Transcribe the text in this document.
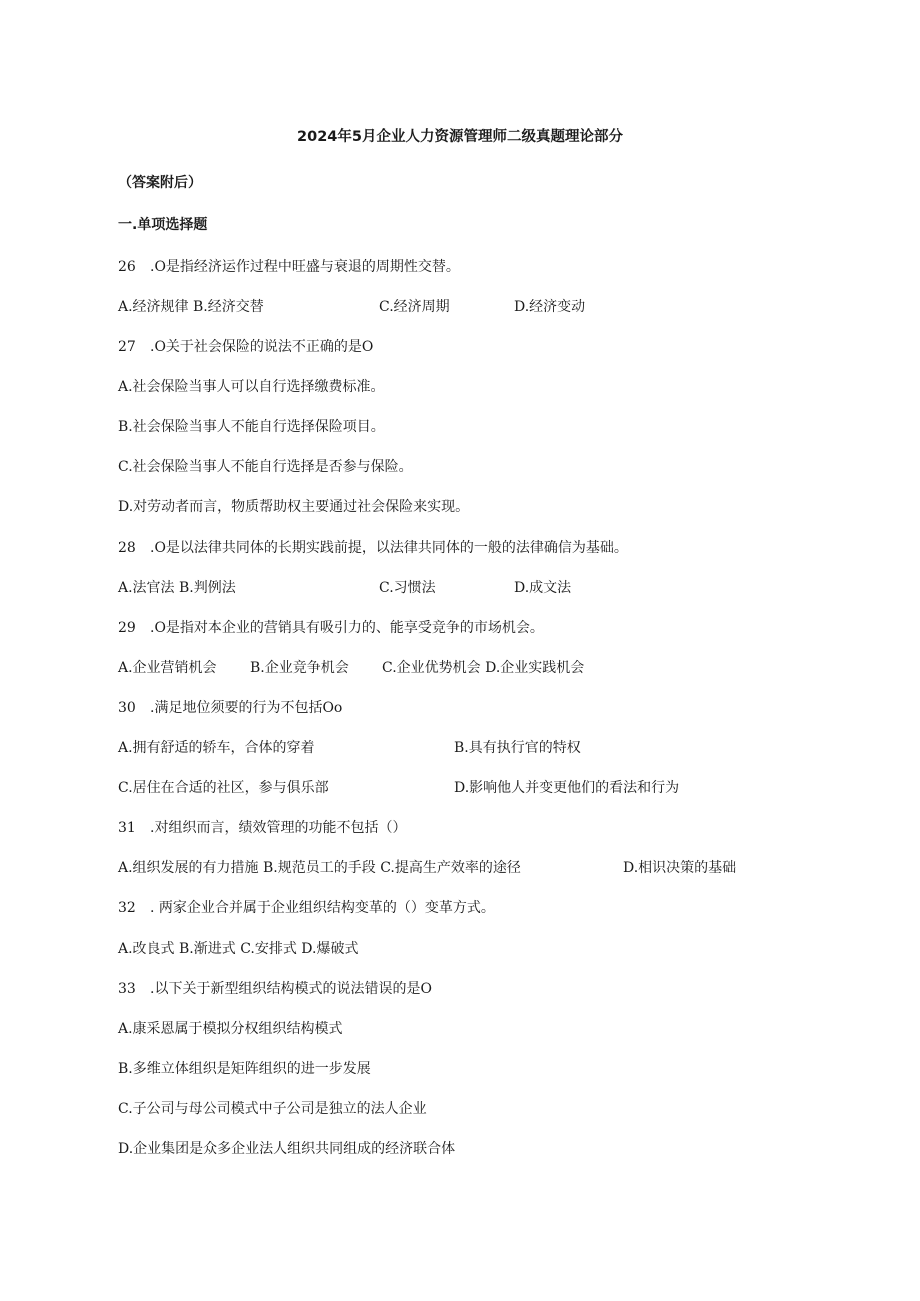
2024年5月企业人力资源管理师二级真题理论部分
（答案附后）
一.单项选择题
26 .O是指经济运作过程中旺盛与衰退的周期性交替。
A.经济规律 B.经济交替	C.经济周期	D.经济变动
27 .O关于社会保险的说法不正确的是O
A.社会保险当事人可以自行选择缴费标准。
B.社会保险当事人不能自行选择保险项目。
C.社会保险当事人不能自行选择是否参与保险。
D.对劳动者而言，物质帮助权主要通过社会保险来实现。
28 .O是以法律共同体的长期实践前提，以法律共同体的一般的法律确信为基础。
A.法官法 B.判例法	C.习惯法	D.成文法
29 .O是指对本企业的营销具有吸引力的、能享受竞争的市场机会。
A.企业营销机会 B.企业竞争机会 C.企业优势机会 D.企业实践机会
30 .满足地位须要的行为不包括Oo
A.拥有舒适的轿车，合体的穿着	B.具有执行官的特权
C.居住在合适的社区，参与俱乐部	D.影响他人并变更他们的看法和行为
31 .对组织而言，绩效管理的功能不包括（）
A.组织发展的有力措施 B.规范员工的手段 C.提高生产效率的途径	D.相识决策的基础
32 . 两家企业合并属于企业组织结构变革的（）变革方式。
A.改良式 B.渐进式 C.安排式 D.爆破式
33 .以下关于新型组织结构模式的说法错误的是O
A.康采恩属于模拟分权组织结构模式
B.多维立体组织是矩阵组织的进一步发展
C.子公司与母公司模式中子公司是独立的法人企业
D.企业集团是众多企业法人组织共同组成的经济联合体
